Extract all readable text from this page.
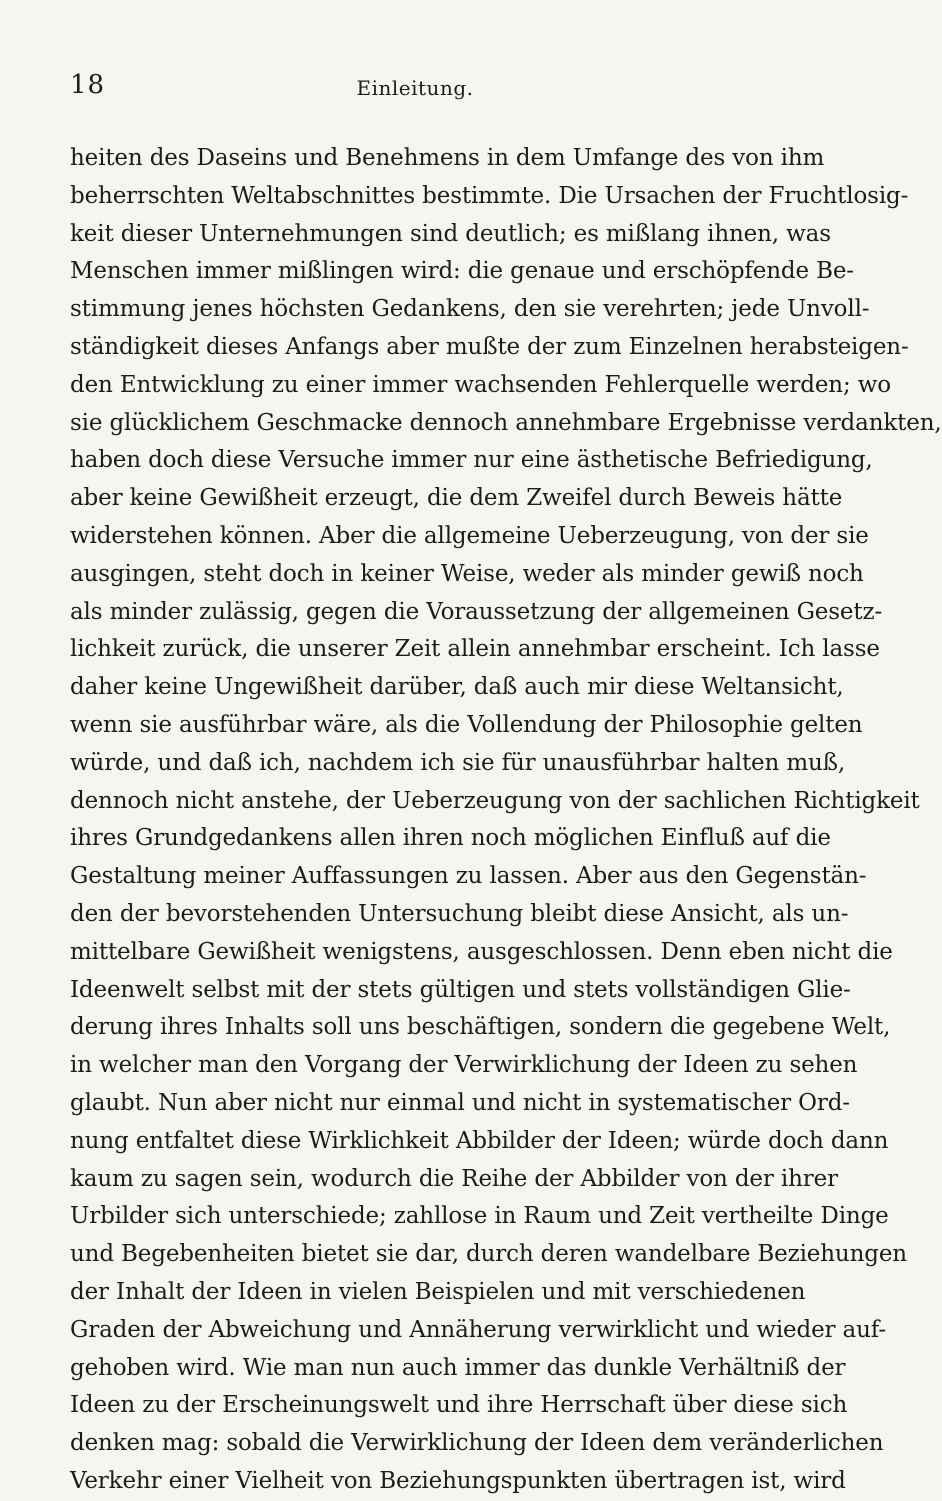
18	Einleitung.
heiten des Daseins und Benehmens in dem Umfange des von ihm
beherrschten Weltabschnittes bestimmte. Die Ursachen der Fruchtlosig-
keit dieser Unternehmungen sind deutlich; es mißlang ihnen, was
Menschen immer mißlingen wird: die genaue und erschöpfende Be-
stimmung jenes höchsten Gedankens, den sie verehrten; jede Unvoll-
ständigkeit dieses Anfangs aber mußte der zum Einzelnen herabsteigen-
den Entwicklung zu einer immer wachsenden Fehlerquelle werden; wo
sie glücklichem Geschmacke dennoch annehmbare Ergebnisse verdankten,
haben doch diese Versuche immer nur eine ästhetische Befriedigung,
aber keine Gewißheit erzeugt, die dem Zweifel durch Beweis hätte
widerstehen können. Aber die allgemeine Ueberzeugung, von der sie
ausgingen, steht doch in keiner Weise, weder als minder gewiß noch
als minder zulässig, gegen die Voraussetzung der allgemeinen Gesetz-
lichkeit zurück, die unserer Zeit allein annehmbar erscheint. Ich lasse
daher keine Ungewißheit darüber, daß auch mir diese Weltansicht,
wenn sie ausführbar wäre, als die Vollendung der Philosophie gelten
würde, und daß ich, nachdem ich sie für unausführbar halten muß,
dennoch nicht anstehe, der Ueberzeugung von der sachlichen Richtigkeit
ihres Grundgedankens allen ihren noch möglichen Einfluß auf die
Gestaltung meiner Auffassungen zu lassen. Aber aus den Gegenstän-
den der bevorstehenden Untersuchung bleibt diese Ansicht, als un-
mittelbare Gewißheit wenigstens, ausgeschlossen. Denn eben nicht die
Ideenwelt selbst mit der stets gültigen und stets vollständigen Glie-
derung ihres Inhalts soll uns beschäftigen, sondern die gegebene Welt,
in welcher man den Vorgang der Verwirklichung der Ideen zu sehen
glaubt. Nun aber nicht nur einmal und nicht in systematischer Ord-
nung entfaltet diese Wirklichkeit Abbilder der Ideen; würde doch dann
kaum zu sagen sein, wodurch die Reihe der Abbilder von der ihrer
Urbilder sich unterschiede; zahllose in Raum und Zeit vertheilte Dinge
und Begebenheiten bietet sie dar, durch deren wandelbare Beziehungen
der Inhalt der Ideen in vielen Beispielen und mit verschiedenen
Graden der Abweichung und Annäherung verwirklicht und wieder auf-
gehoben wird. Wie man nun auch immer das dunkle Verhältniß der
Ideen zu der Erscheinungswelt und ihre Herrschaft über diese sich
denken mag: sobald die Verwirklichung der Ideen dem veränderlichen
Verkehr einer Vielheit von Beziehungspunkten übertragen ist, wird
